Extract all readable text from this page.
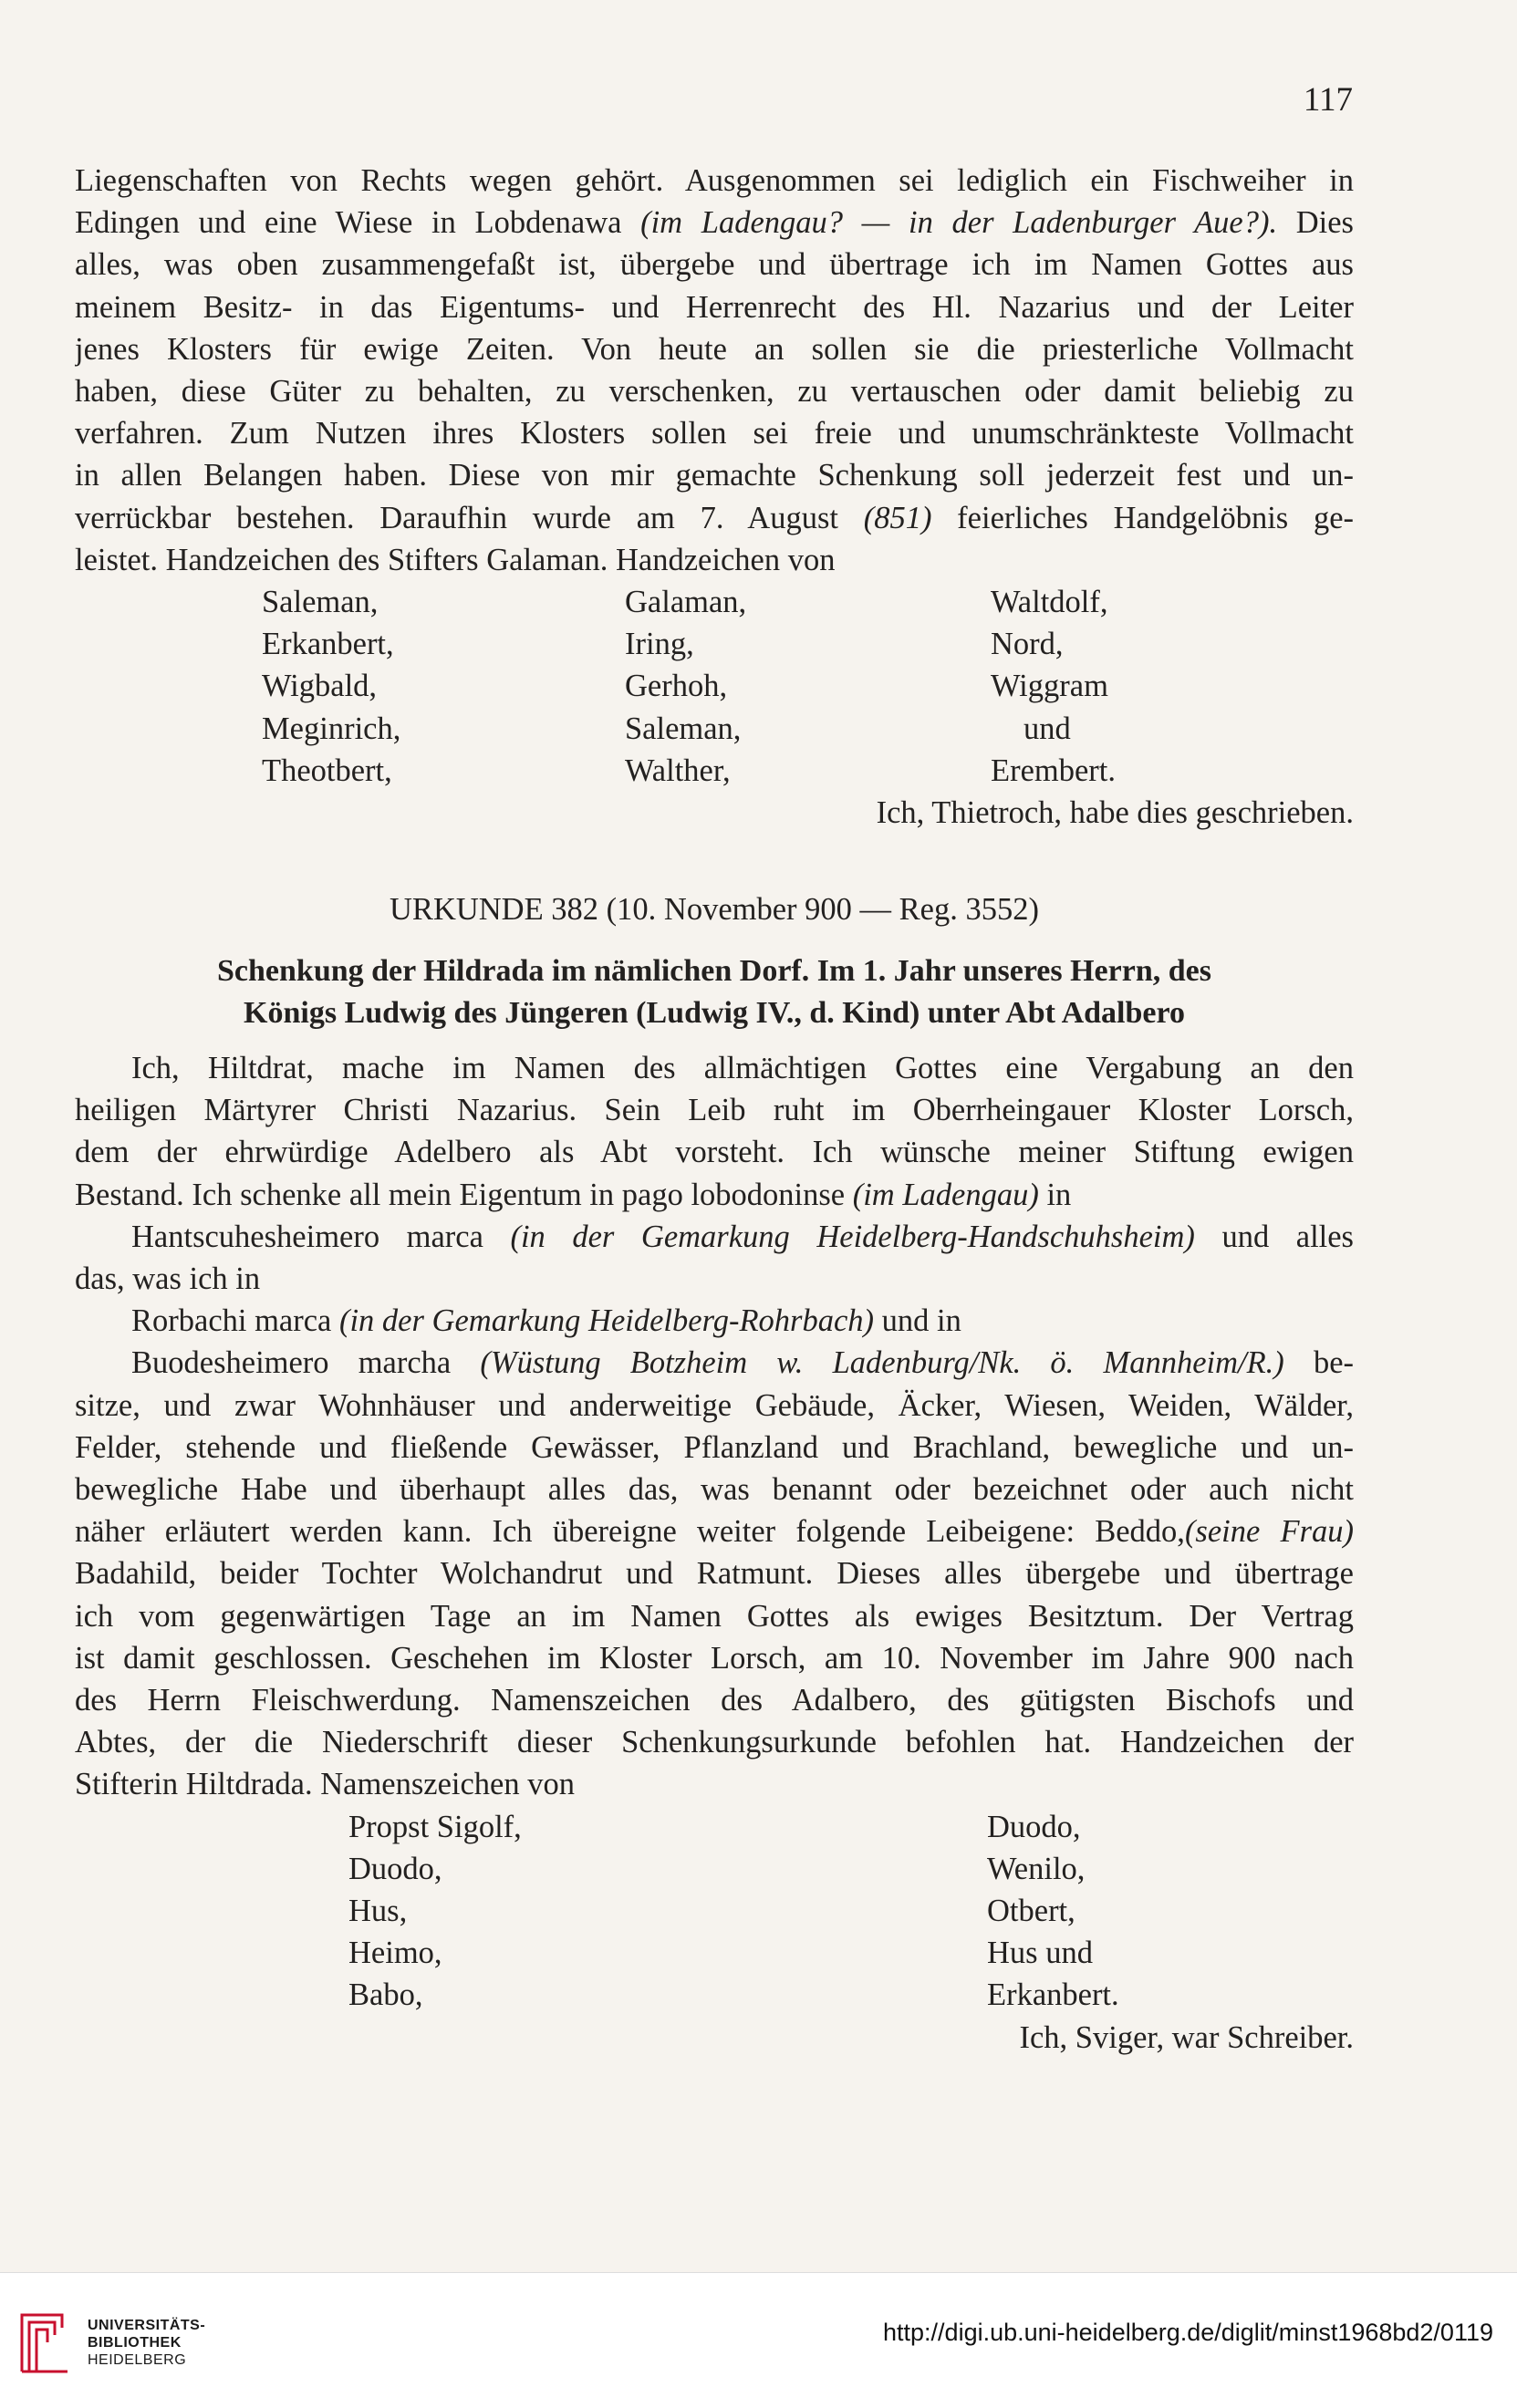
117
Liegenschaften von Rechts wegen gehört. Ausgenommen sei lediglich ein Fischweiher in
Edingen und eine Wiese in Lobdenawa (im Ladengau? — in der Ladenburger Aue?). Dies
alles, was oben zusammengefaßt ist, übergebe und übertrage ich im Namen Gottes aus
meinem Besitz- in das Eigentums- und Herrenrecht des Hl. Nazarius und der Leiter
jenes Klosters für ewige Zeiten. Von heute an sollen sie die priesterliche Vollmacht
haben, diese Güter zu behalten, zu verschenken, zu vertauschen oder damit beliebig zu
verfahren. Zum Nutzen ihres Klosters sollen sei freie und unumschränkteste Vollmacht
in allen Belangen haben. Diese von mir gemachte Schenkung soll jederzeit fest und un-
verrückbar bestehen. Daraufhin wurde am 7. August (851) feierliches Handgelöbnis ge-
leistet. Handzeichen des Stifters Galaman. Handzeichen von
Saleman,	Galaman,	Waltdolf,
Erkanbert,	Iring,	Nord,
Wigbald,	Gerhoh,	Wiggram
Meginrich,	Saleman,	und
Theotbert,	Walther,	Erembert.
Ich, Thietroch, habe dies geschrieben.
URKUNDE 382 (10. November 900 — Reg. 3552)
Schenkung der Hildrada im nämlichen Dorf. Im 1. Jahr unseres Herrn, des
Königs Ludwig des Jüngeren (Ludwig IV., d. Kind) unter Abt Adalbero
Ich, Hiltdrat, mache im Namen des allmächtigen Gottes eine Vergabung an den
heiligen Märtyrer Christi Nazarius. Sein Leib ruht im Oberrheingauer Kloster Lorsch,
dem der ehrwürdige Adelbero als Abt vorsteht. Ich wünsche meiner Stiftung ewigen
Bestand. Ich schenke all mein Eigentum in pago lobodoninse (im Ladengau) in
Hantscuhesheimero marca (in der Gemarkung Heidelberg-Handschuhsheim) und alles
das, was ich in
Rorbachi marca (in der Gemarkung Heidelberg-Rohrbach) und in
Buodesheimero marcha (Wüstung Botzheim w. Ladenburg/Nk. ö. Mannheim/R.) be-
sitze, und zwar Wohnhäuser und anderweitige Gebäude, Äcker, Wiesen, Weiden, Wälder,
Felder, stehende und fließende Gewässer, Pflanzland und Brachland, bewegliche und un-
bewegliche Habe und überhaupt alles das, was benannt oder bezeichnet oder auch nicht
näher erläutert werden kann. Ich übereigne weiter folgende Leibeigene: Beddo,(seine Frau)
Badahild, beider Tochter Wolchandrut und Ratmunt. Dieses alles übergebe und übertrage
ich vom gegenwärtigen Tage an im Namen Gottes als ewiges Besitztum. Der Vertrag
ist damit geschlossen. Geschehen im Kloster Lorsch, am 10. November im Jahre 900 nach
des Herrn Fleischwerdung. Namenszeichen des Adalbero, des gütigsten Bischofs und
Abtes, der die Niederschrift dieser Schenkungsurkunde befohlen hat. Handzeichen der
Stifterin Hiltdrada. Namenszeichen von
Propst Sigolf,	Duodo,
Duodo,	Wenilo,
Hus,	Otbert,
Heimo,	Hus und
Babo,	Erkanbert.
Ich, Sviger, war Schreiber.
UNIVERSITÄTS-
BIBLIOTHEK
HEIDELBERG
http://digi.ub.uni-heidelberg.de/diglit/minst1968bd2/0119
